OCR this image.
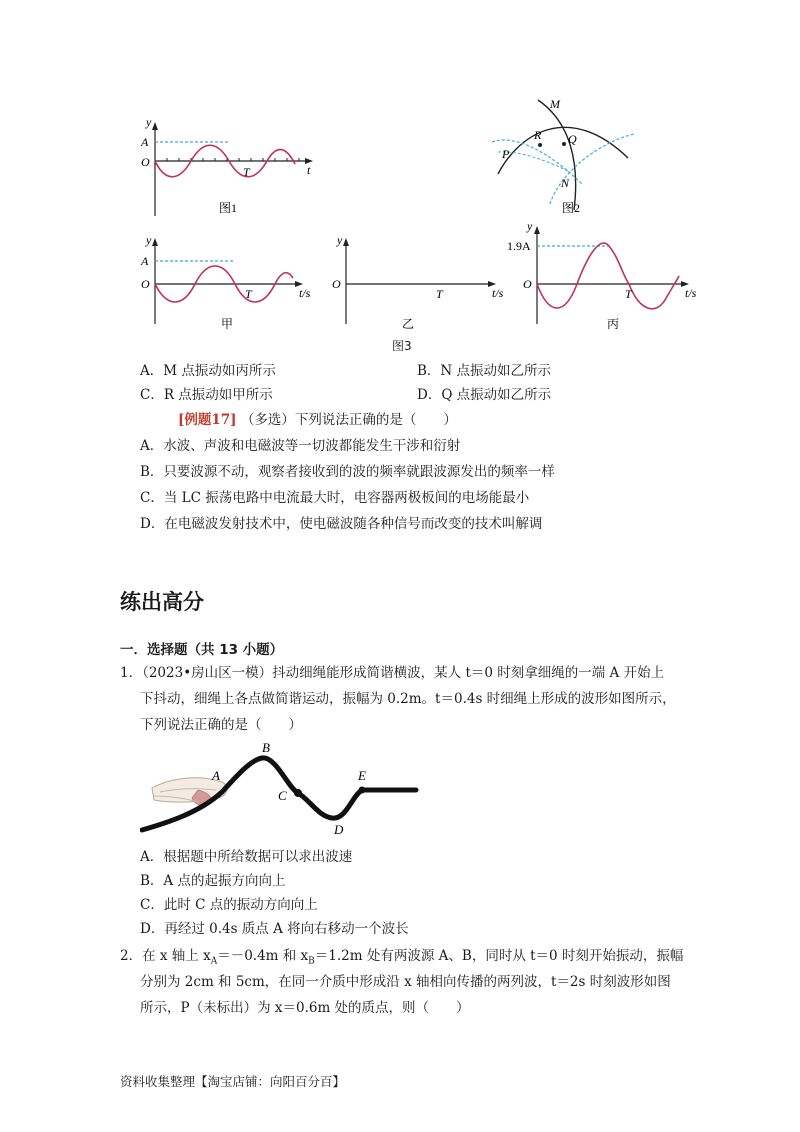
y
A
O
T	t
图1
M
R Q
P
N
图2
y
A
O
T	t/s
甲
y
O
T	t/s
乙
y
1.9A
O
T	t/s
丙
图3
A．M 点振动如丙所示	B．N 点振动如乙所示
C．R 点振动如甲所示	D．Q 点振动如乙所示
[例题17] （多选）下列说法正确的是（　　）
A．水波、声波和电磁波等一切波都能发生干涉和衍射
B．只要波源不动，观察者接收到的波的频率就跟波源发出的频率一样
C．当 LC 振荡电路中电流最大时，电容器两极板间的电场能最小
D．在电磁波发射技术中，使电磁波随各种信号而改变的技术叫解调
练出高分
一．选择题（共 13 小题）
1．（2023•房山区一模）抖动细绳能形成简谐横波，某人 t＝0 时刻拿细绳的一端 A 开始上
下抖动，细绳上各点做简谐运动，振幅为 0.2m。t＝0.4s 时细绳上形成的波形如图所示，
下列说法正确的是（　　）
A
B
C
D
E
A．根据题中所给数据可以求出波速
B．A 点的起振方向向上
C．此时 C 点的振动方向向上
D．再经过 0.4s 质点 A 将向右移动一个波长
2．在 x 轴上 $x_A=-0.4m$ 和 $x_B=1.2m$ 处有两波源 A、B，同时从 t＝0 时刻开始振动，振幅
分别为 2cm 和 5cm，在同一介质中形成沿 x 轴相向传播的两列波，t＝2s 时刻波形如图
所示，P（未标出）为 x＝0.6m 处的质点，则（　　）
资料收集整理【淘宝店铺：向阳百分百】
